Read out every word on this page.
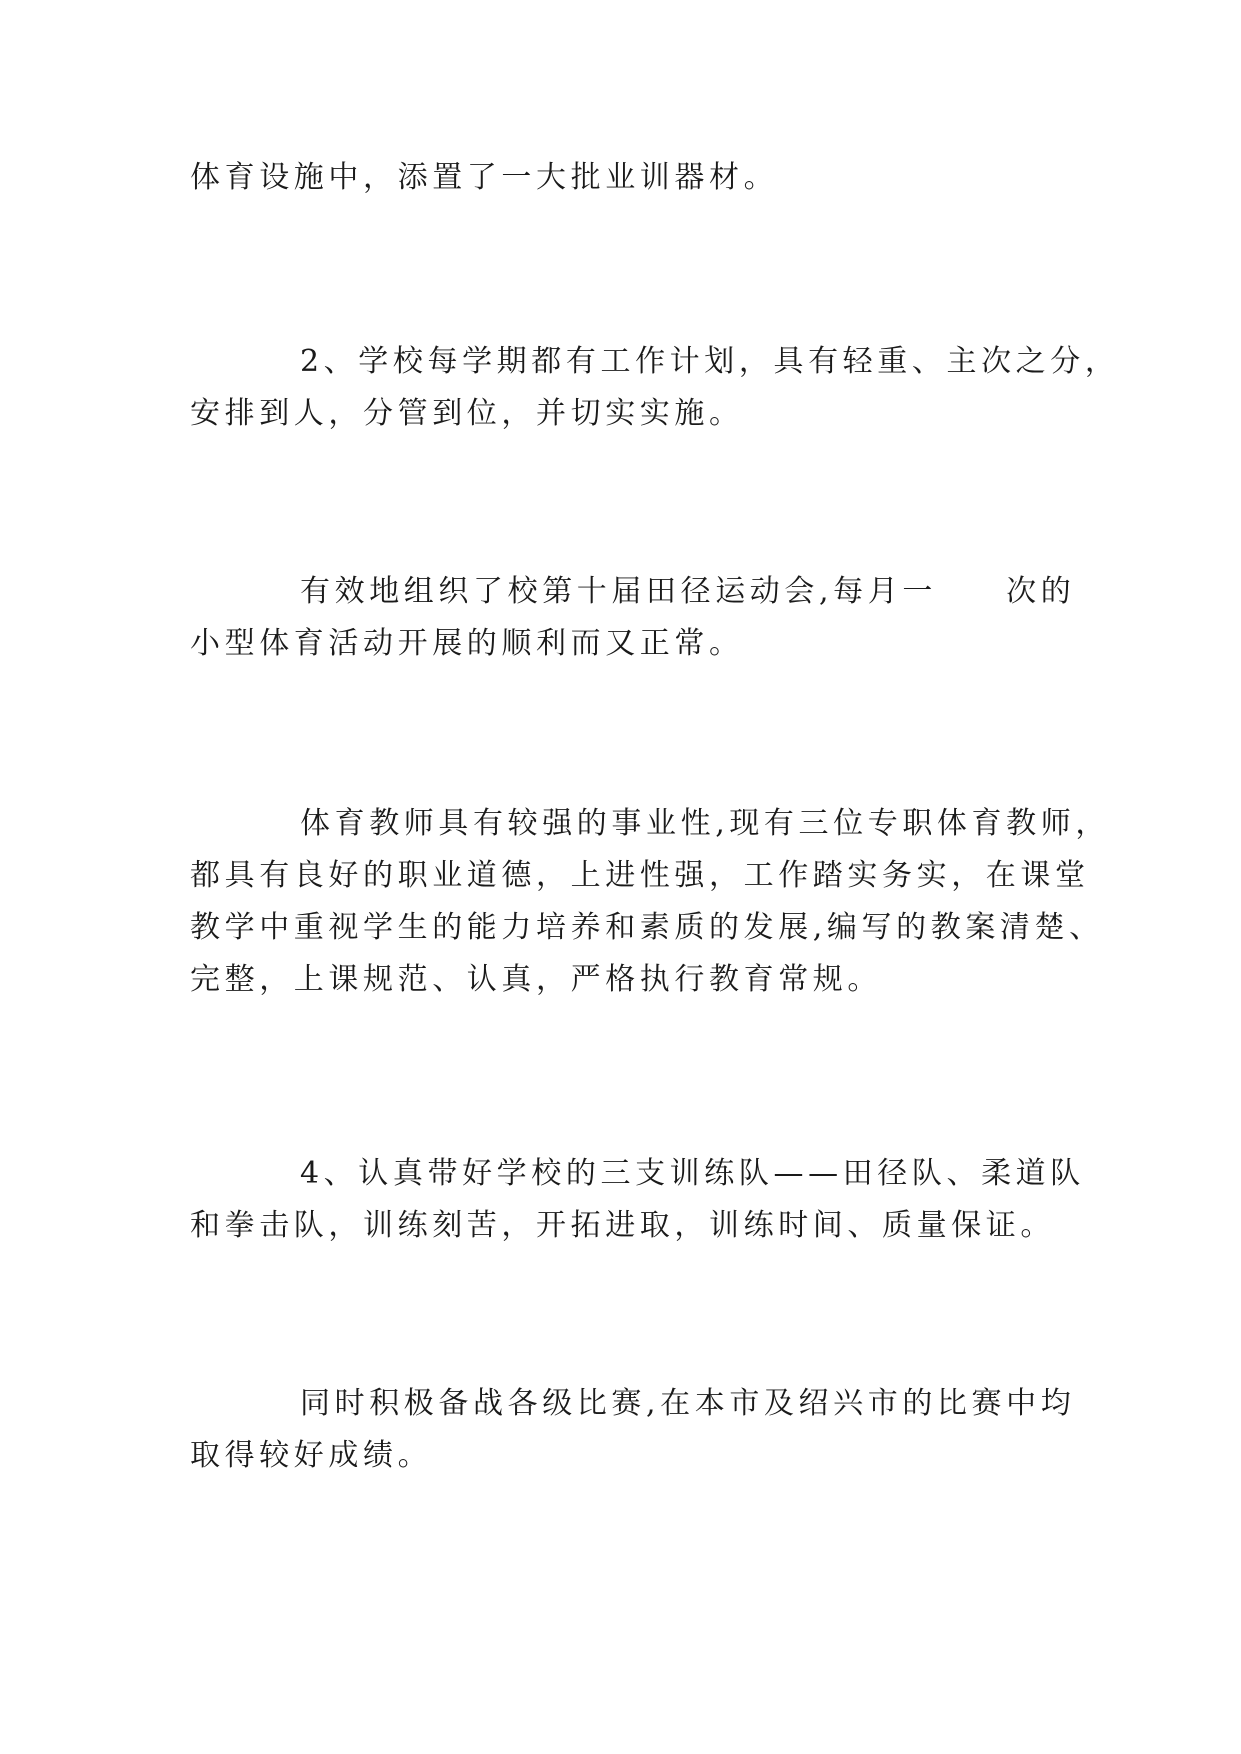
体育设施中，添置了一大批业训器材。
2、学校每学期都有工作计划，具有轻重、主次之分，
安排到人，分管到位，并切实实施。
有效地组织了校第十届田径运动会,每月一　　次的
小型体育活动开展的顺利而又正常。
体育教师具有较强的事业性,现有三位专职体育教师，
都具有良好的职业道德，上进性强，工作踏实务实，在课堂
教学中重视学生的能力培养和素质的发展,编写的教案清楚、
完整，上课规范、认真，严格执行教育常规。
4、认真带好学校的三支训练队——田径队、柔道队
和拳击队，训练刻苦，开拓进取，训练时间、质量保证。
同时积极备战各级比赛,在本市及绍兴市的比赛中均
取得较好成绩。
